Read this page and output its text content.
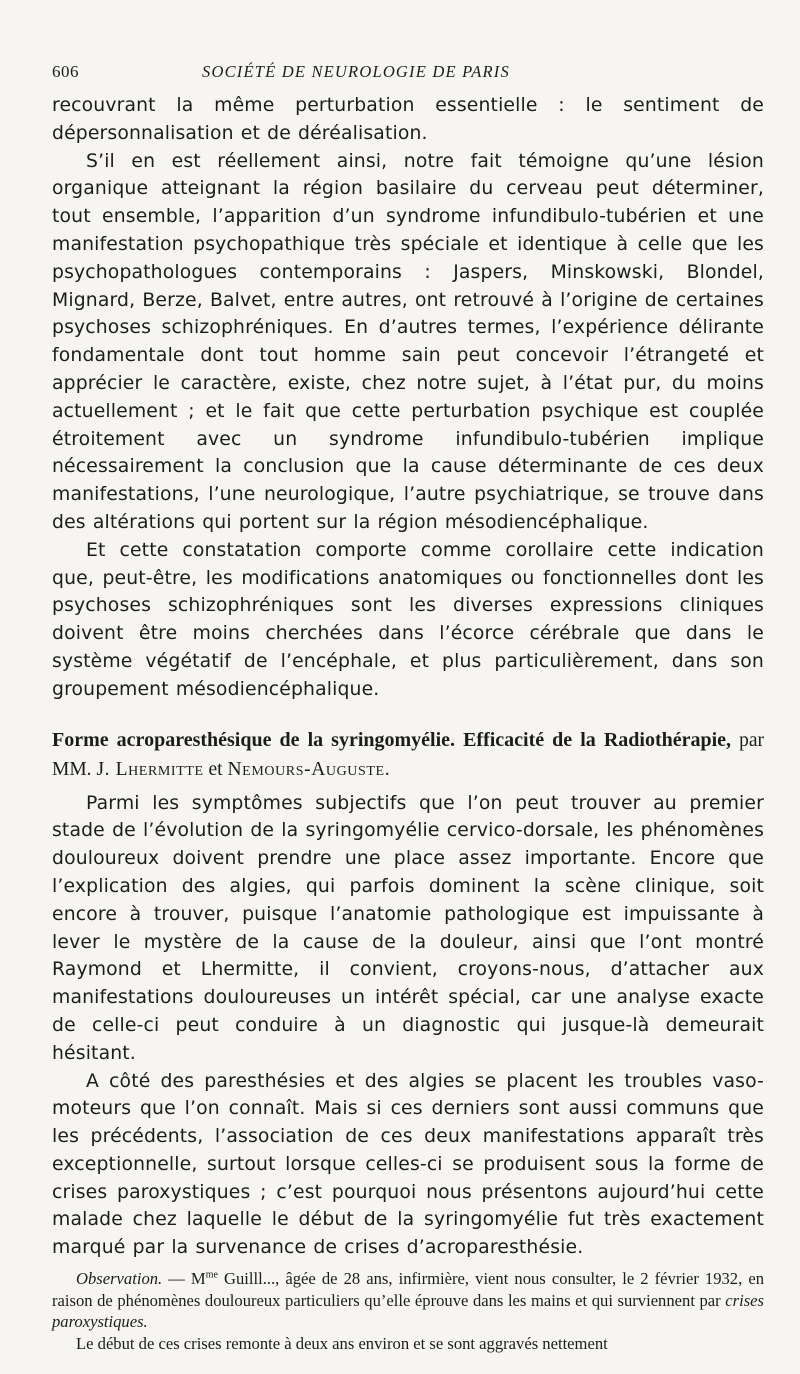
606	SOCIÉTÉ DE NEUROLOGIE DE PARIS

recouvrant la même perturbation essentielle : le sentiment de dépersonnalisation et de déréalisation.

S’il en est réellement ainsi, notre fait témoigne qu’une lésion organique atteignant la région basilaire du cerveau peut déterminer, tout ensemble, l’apparition d’un syndrome infundibulo-tubérien et une manifestation psychopathique très spéciale et identique à celle que les psychopathologues contemporains : Jaspers, Minskowski, Blondel, Mignard, Berze, Balvet, entre autres, ont retrouvé à l’origine de certaines psychoses schizophréniques. En d’autres termes, l’expérience délirante fondamentale dont tout homme sain peut concevoir l’étrangeté et apprécier le caractère, existe, chez notre sujet, à l’état pur, du moins actuellement ; et le fait que cette perturbation psychique est couplée étroitement avec un syndrome infundibulo-tubérien implique nécessairement la conclusion que la cause déterminante de ces deux manifestations, l’une neurologique, l’autre psychiatrique, se trouve dans des altérations qui portent sur la région mésodiencéphalique.

Et cette constatation comporte comme corollaire cette indication que, peut-être, les modifications anatomiques ou fonctionnelles dont les psychoses schizophréniques sont les diverses expressions cliniques doivent être moins cherchées dans l’écorce cérébrale que dans le système végétatif de l’encéphale, et plus particulièrement, dans son groupement mésodiencéphalique.

Forme acroparesthésique de la syringomyélie. Efficacité de la Radiothérapie, par MM. J. Lhermitte et Nemours-Auguste.

Parmi les symptômes subjectifs que l’on peut trouver au premier stade de l’évolution de la syringomyélie cervico-dorsale, les phénomènes douloureux doivent prendre une place assez importante. Encore que l’explication des algies, qui parfois dominent la scène clinique, soit encore à trouver, puisque l’anatomie pathologique est impuissante à lever le mystère de la cause de la douleur, ainsi que l’ont montré Raymond et Lhermitte, il convient, croyons-nous, d’attacher aux manifestations douloureuses un intérêt spécial, car une analyse exacte de celle-ci peut conduire à un diagnostic qui jusque-là demeurait hésitant.

A côté des paresthésies et des algies se placent les troubles vaso-moteurs que l’on connaît. Mais si ces derniers sont aussi communs que les précédents, l’association de ces deux manifestations apparaît très exceptionnelle, surtout lorsque celles-ci se produisent sous la forme de crises paroxystiques ; c’est pourquoi nous présentons aujourd’hui cette malade chez laquelle le début de la syringomyélie fut très exactement marqué par la survenance de crises d’acroparesthésie.

Observation. — $M^{me}$ Guilll..., âgée de 28 ans, infirmière, vient nous consulter, le 2 février 1932, en raison de phénomènes douloureux particuliers qu’elle éprouve dans les mains et qui surviennent par crises paroxystiques.
Le début de ces crises remonte à deux ans environ et se sont aggravés nettement
